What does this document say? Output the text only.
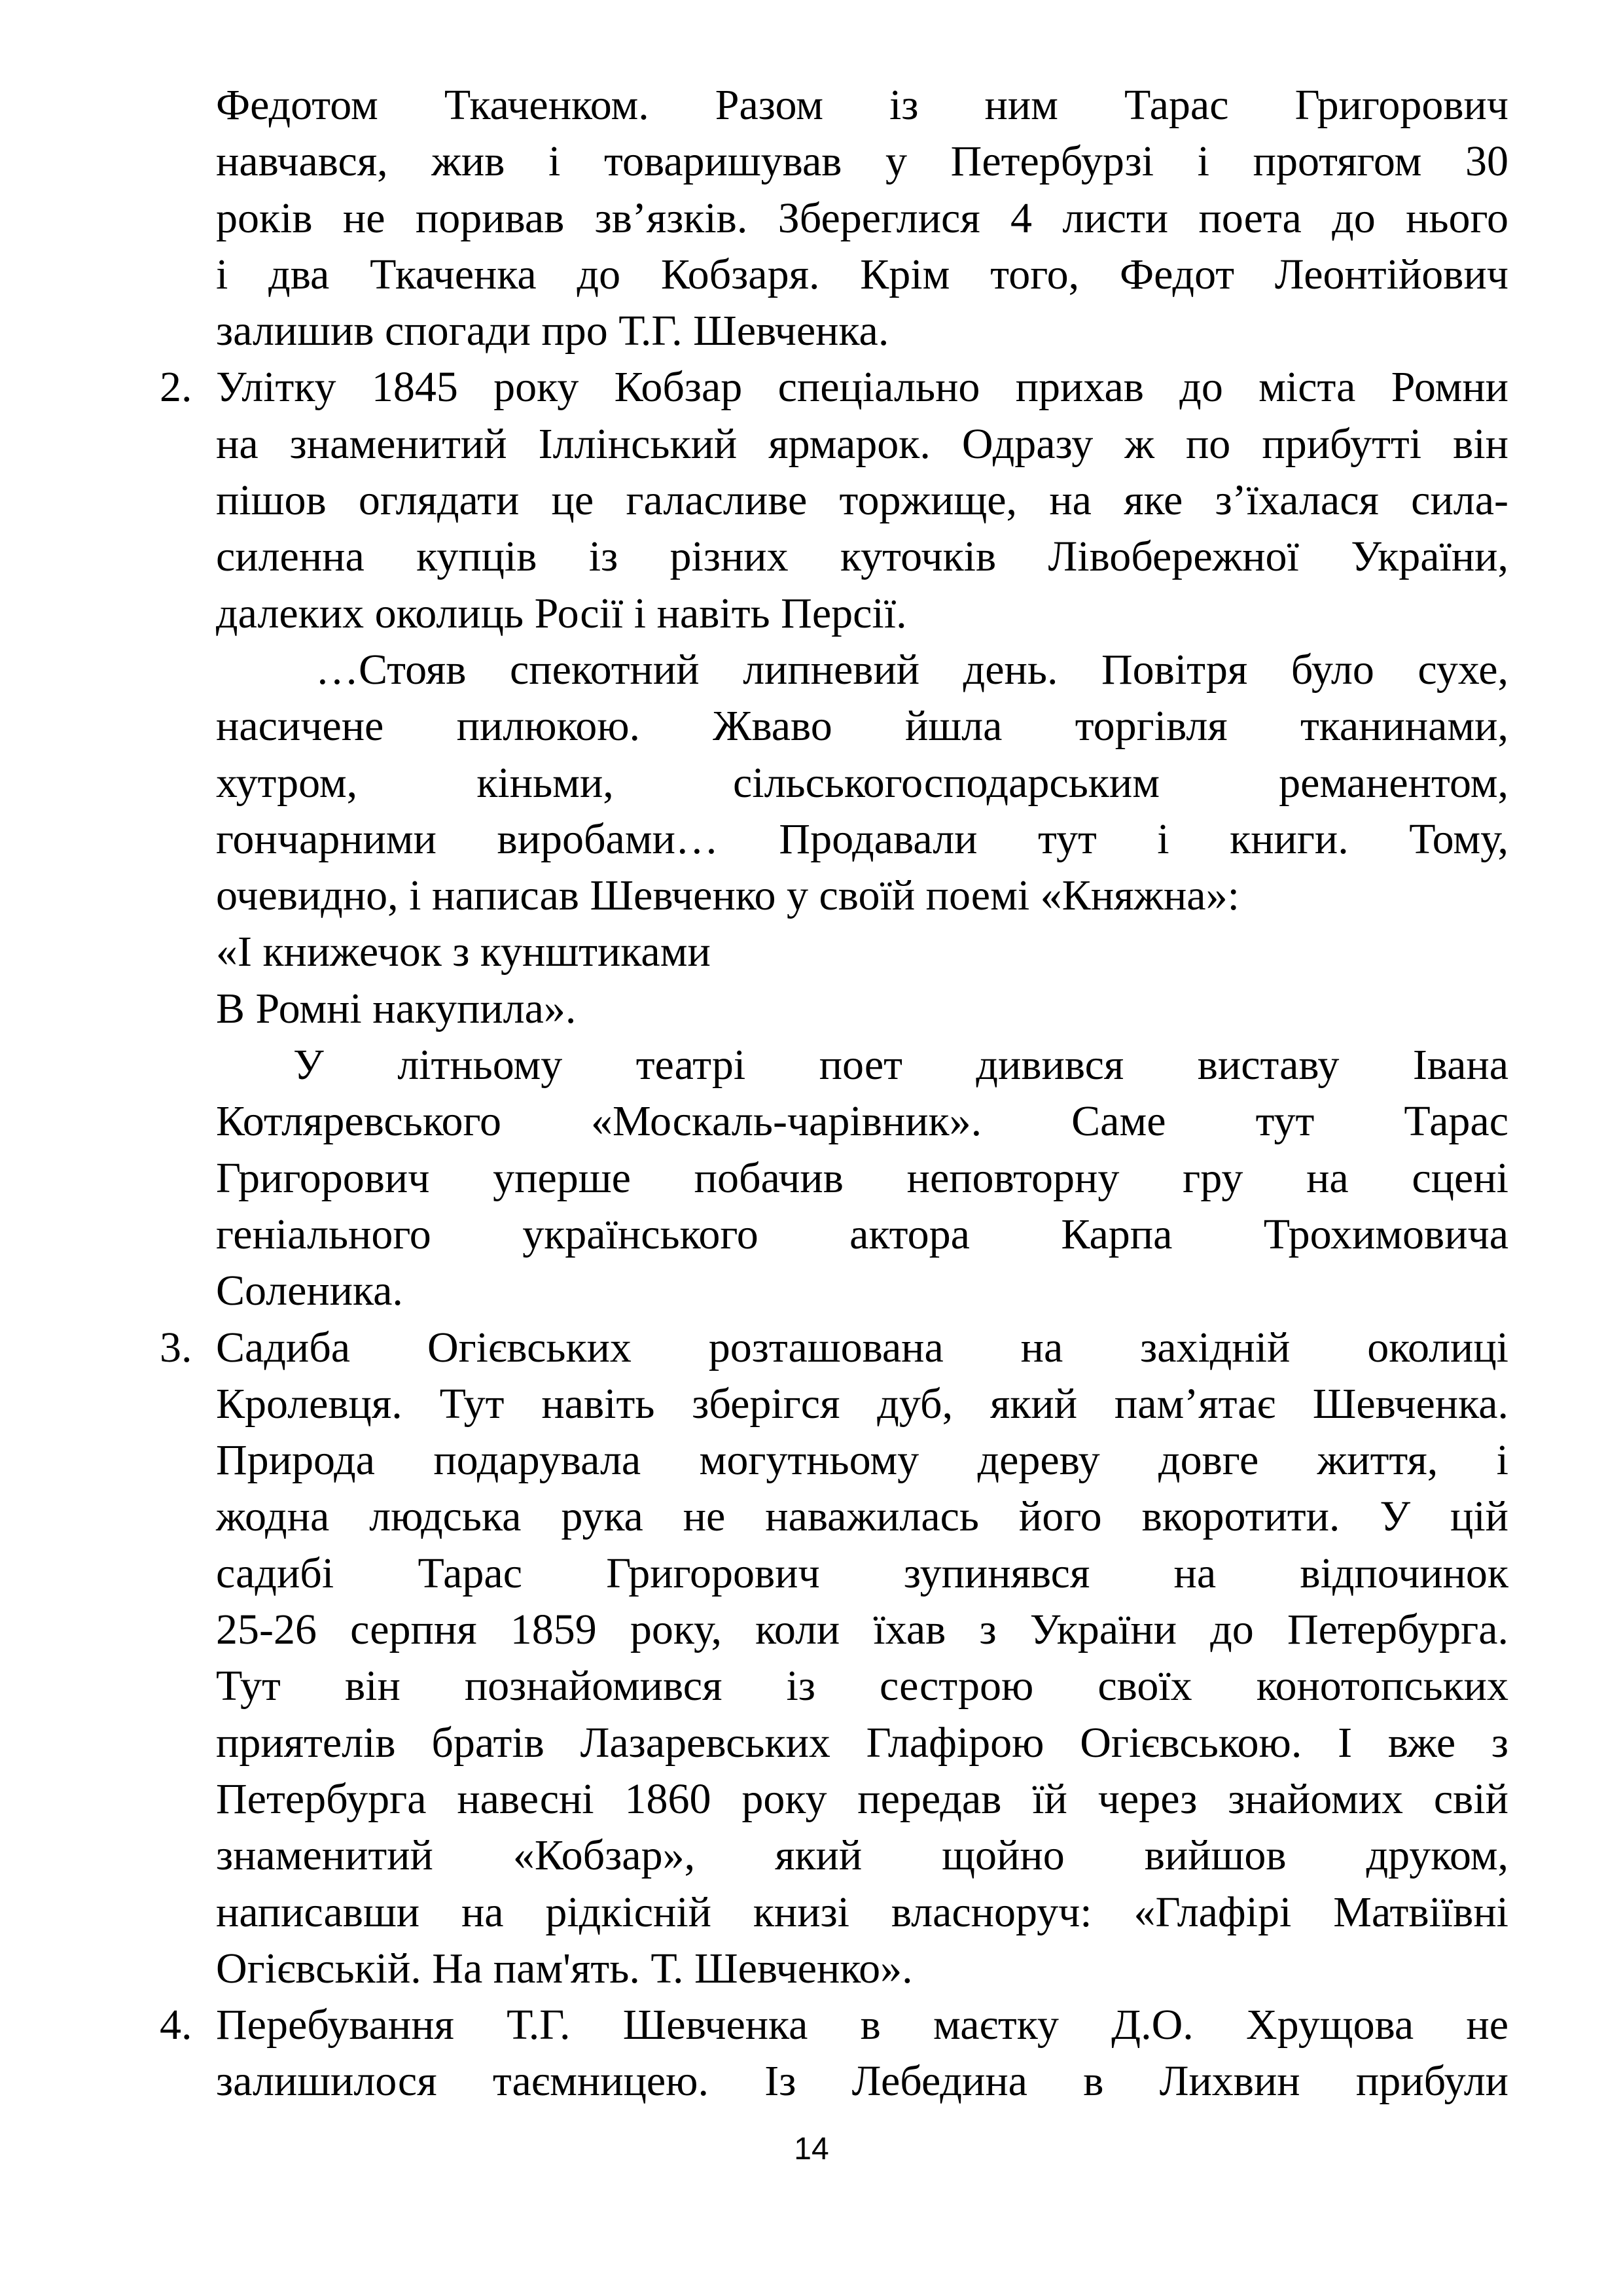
Федотом Ткаченком. Разом із ним Тарас Григорович
навчався, жив і товаришував у Петербурзі і протягом 30
років не поривав зв’язків. Збереглися 4 листи поета до нього
і два Ткаченка до Кобзаря. Крім того, Федот Леонтійович
залишив спогади про Т.Г. Шевченка.
2. Улітку 1845 року Кобзар спеціально прихав до міста Ромни
на знаменитий Іллінський ярмарок. Одразу ж по прибутті він
пішов оглядати це галасливе торжище, на яке з’їхалася сила-
силенна купців із різних куточків Лівобережної України,
далеких околиць Росії і навіть Персії.
…Стояв спекотний липневий день. Повітря було сухе,
насичене пилюкою. Жваво йшла торгівля тканинами,
хутром, кіньми, сільськогосподарським реманентом,
гончарними виробами… Продавали тут і книги. Тому,
очевидно, і написав Шевченко у своїй поемі «Княжна»:
«І книжечок з кунштиками
В Ромні накупила».
У літньому театрі поет дивився виставу Івана
Котляревського «Москаль-чарівник». Саме тут Тарас
Григорович уперше побачив неповторну гру на сцені
геніального українського актора Карпа Трохимовича
Соленика.
3. Садиба Огієвських розташована на західній околиці
Кролевця. Тут навіть зберігся дуб, який пам’ятає Шевченка.
Природа подарувала могутньому дереву довге життя, і
жодна людська рука не наважилась його вкоротити. У цій
садибі Тарас Григорович зупинявся на відпочинок
25-26 серпня 1859 року, коли їхав з України до Петербурга.
Тут він познайомився із сестрою своїх конотопських
приятелів братів Лазаревських Глафірою Огієвською. І вже з
Петербурга навесні 1860 року передав їй через знайомих свій
знаменитий «Кобзар», який щойно вийшов друком,
написавши на рідкісній книзі власноруч: «Глафірі Матвіївні
Огієвській. На пам'ять. Т. Шевченко».
4. Перебування Т.Г. Шевченка в маєтку Д.О. Хрущова не
залишилося таємницею. Із Лебедина в Лихвин прибули
14
